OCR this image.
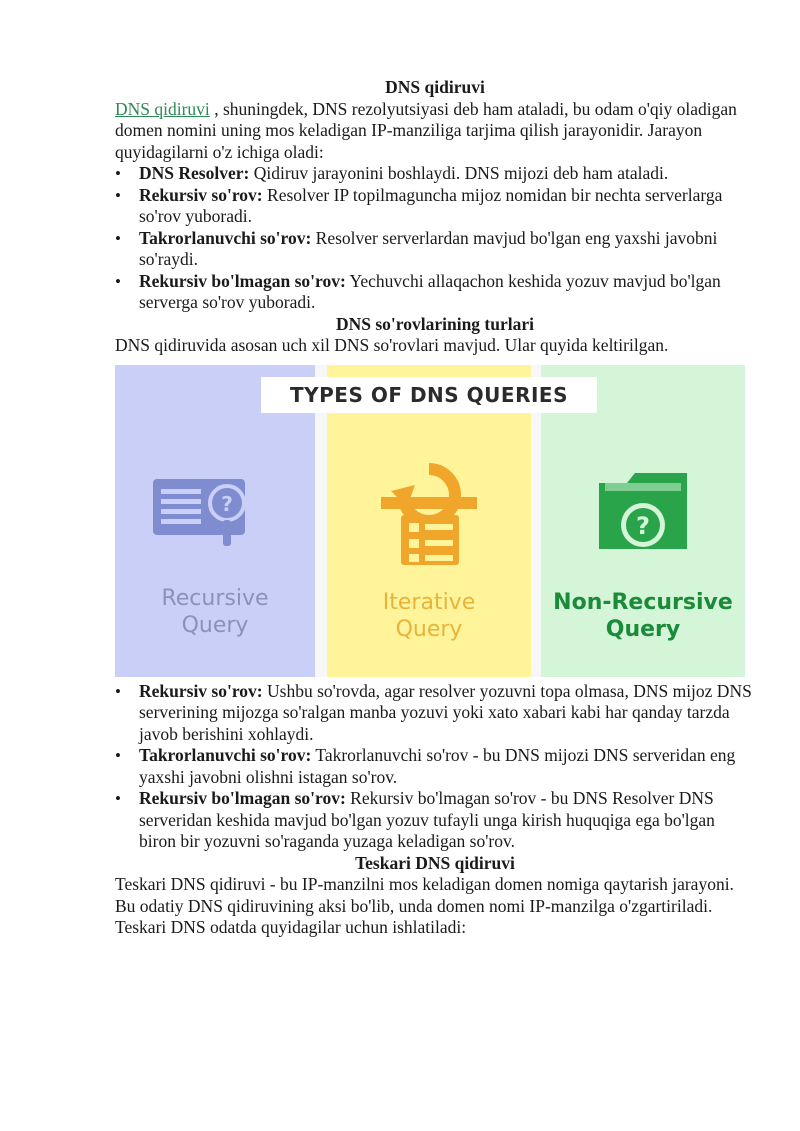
DNS qidiruvi

DNS qidiruvi , shuningdek, DNS rezolyutsiyasi deb ham ataladi, bu odam o'qiy oladigan domen nomini uning mos keladigan IP-manziliga tarjima qilish jarayonidir. Jarayon quyidagilarni o'z ichiga oladi:

• DNS Resolver: Qidiruv jarayonini boshlaydi. DNS mijozi deb ham ataladi.
• Rekursiv so'rov: Resolver IP topilmaguncha mijoz nomidan bir nechta serverlarga so'rov yuboradi.
• Takrorlanuvchi so'rov: Resolver serverlardan mavjud bo'lgan eng yaxshi javobni so'raydi.
• Rekursiv bo'lmagan so'rov: Yechuvchi allaqachon keshida yozuv mavjud bo'lgan serverga so'rov yuboradi.

DNS so'rovlarining turlari

DNS qidiruvida asosan uch xil DNS so'rovlari mavjud. Ular quyida keltirilgan.

TYPES OF DNS QUERIES
?
?
Recursive
Query
Iterative
Query
Non-Recursive
Query
• Rekursiv so'rov: Ushbu so'rovda, agar resolver yozuvni topa olmasa, DNS mijoz DNS serverining mijozga so'ralgan manba yozuvi yoki xato xabari kabi har qanday tarzda javob berishini xohlaydi.
• Takrorlanuvchi so'rov: Takrorlanuvchi so'rov - bu DNS mijozi DNS serveridan eng yaxshi javobni olishni istagan so'rov.
• Rekursiv bo'lmagan so'rov: Rekursiv bo'lmagan so'rov - bu DNS Resolver DNS serveridan keshida mavjud bo'lgan yozuv tufayli unga kirish huquqiga ega bo'lgan biron bir yozuvni so'raganda yuzaga keladigan so'rov.

Teskari DNS qidiruvi

Teskari DNS qidiruvi - bu IP-manzilni mos keladigan domen nomiga qaytarish jarayoni. Bu odatiy DNS qidiruvining aksi bo'lib, unda domen nomi IP-manzilga o'zgartiriladi. Teskari DNS odatda quyidagilar uchun ishlatiladi:
